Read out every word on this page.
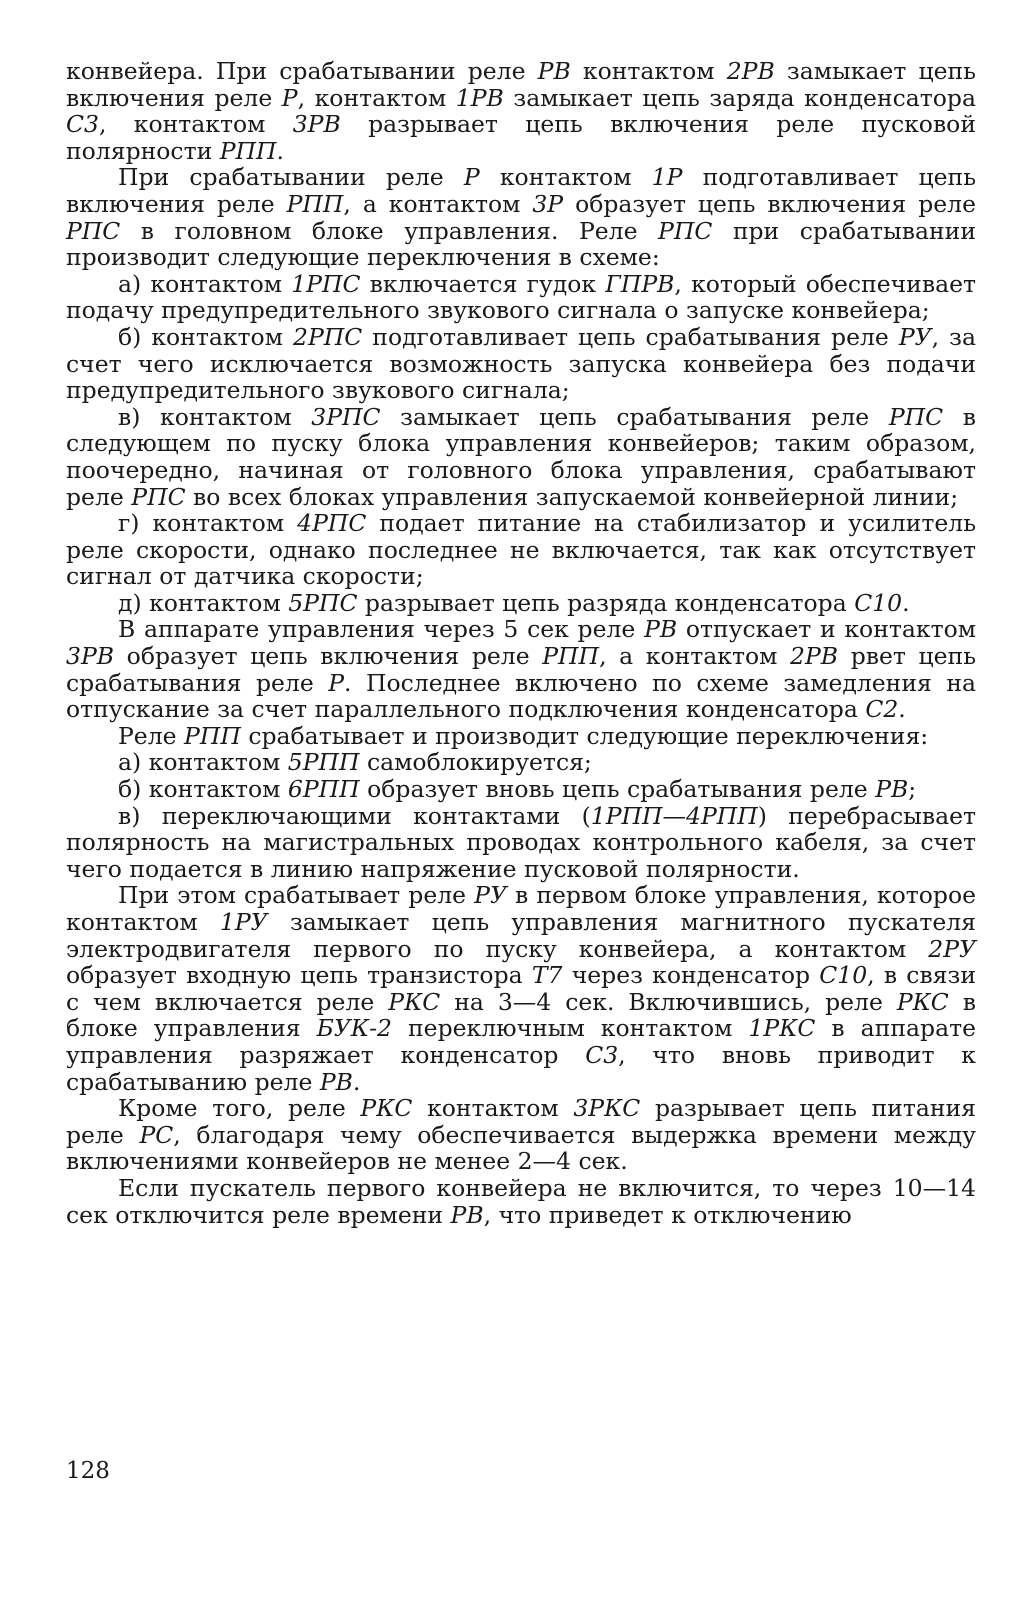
конвейера. При срабатывании реле РВ контактом 2РВ замыкает цепь включения реле Р, контактом 1РВ замыкает цепь заряда конденсатора С3, контактом 3РВ разрывает цепь включения реле пусковой полярности РПП.

При срабатывании реле Р контактом 1Р подготавливает цепь включения реле РПП, а контактом 3Р образует цепь включения реле РПС в головном блоке управления. Реле РПС при срабатывании производит следующие переключения в схеме:

а) контактом 1РПС включается гудок ГПРВ, который обеспечивает подачу предупредительного звукового сигнала о запуске конвейера;

б) контактом 2РПС подготавливает цепь срабатывания реле РУ, за счет чего исключается возможность запуска конвейера без подачи предупредительного звукового сигнала;

в) контактом 3РПС замыкает цепь срабатывания реле РПС в следующем по пуску блока управления конвейеров; таким образом, поочередно, начиная от головного блока управления, срабатывают реле РПС во всех блоках управления запускаемой конвейерной линии;

г) контактом 4РПС подает питание на стабилизатор и усилитель реле скорости, однако последнее не включается, так как отсутствует сигнал от датчика скорости;

д) контактом 5РПС разрывает цепь разряда конденсатора С10.

В аппарате управления через 5 сек реле РВ отпускает и контактом 3РВ образует цепь включения реле РПП, а контактом 2РВ рвет цепь срабатывания реле Р. Последнее включено по схеме замедления на отпускание за счет параллельного подключения конденсатора С2.

Реле РПП срабатывает и производит следующие переключения:

а) контактом 5РПП самоблокируется;

б) контактом 6РПП образует вновь цепь срабатывания реле РВ;

в) переключающими контактами (1РПП—4РПП) перебрасывает полярность на магистральных проводах контрольного кабеля, за счет чего подается в линию напряжение пусковой полярности.

При этом срабатывает реле РУ в первом блоке управления, которое контактом 1РУ замыкает цепь управления магнитного пускателя электродвигателя первого по пуску конвейера, а контактом 2РУ образует входную цепь транзистора Т7 через конденсатор С10, в связи с чем включается реле РКС на 3—4 сек. Включившись, реле РКС в блоке управления БУК-2 переключным контактом 1РКС в аппарате управления разряжает конденсатор С3, что вновь приводит к срабатыванию реле РВ.

Кроме того, реле РКС контактом 3РКС разрывает цепь питания реле РС, благодаря чему обеспечивается выдержка времени между включениями конвейеров не менее 2—4 сек.

Если пускатель первого конвейера не включится, то через 10—14 сек отключится реле времени РВ, что приведет к отключению

128
